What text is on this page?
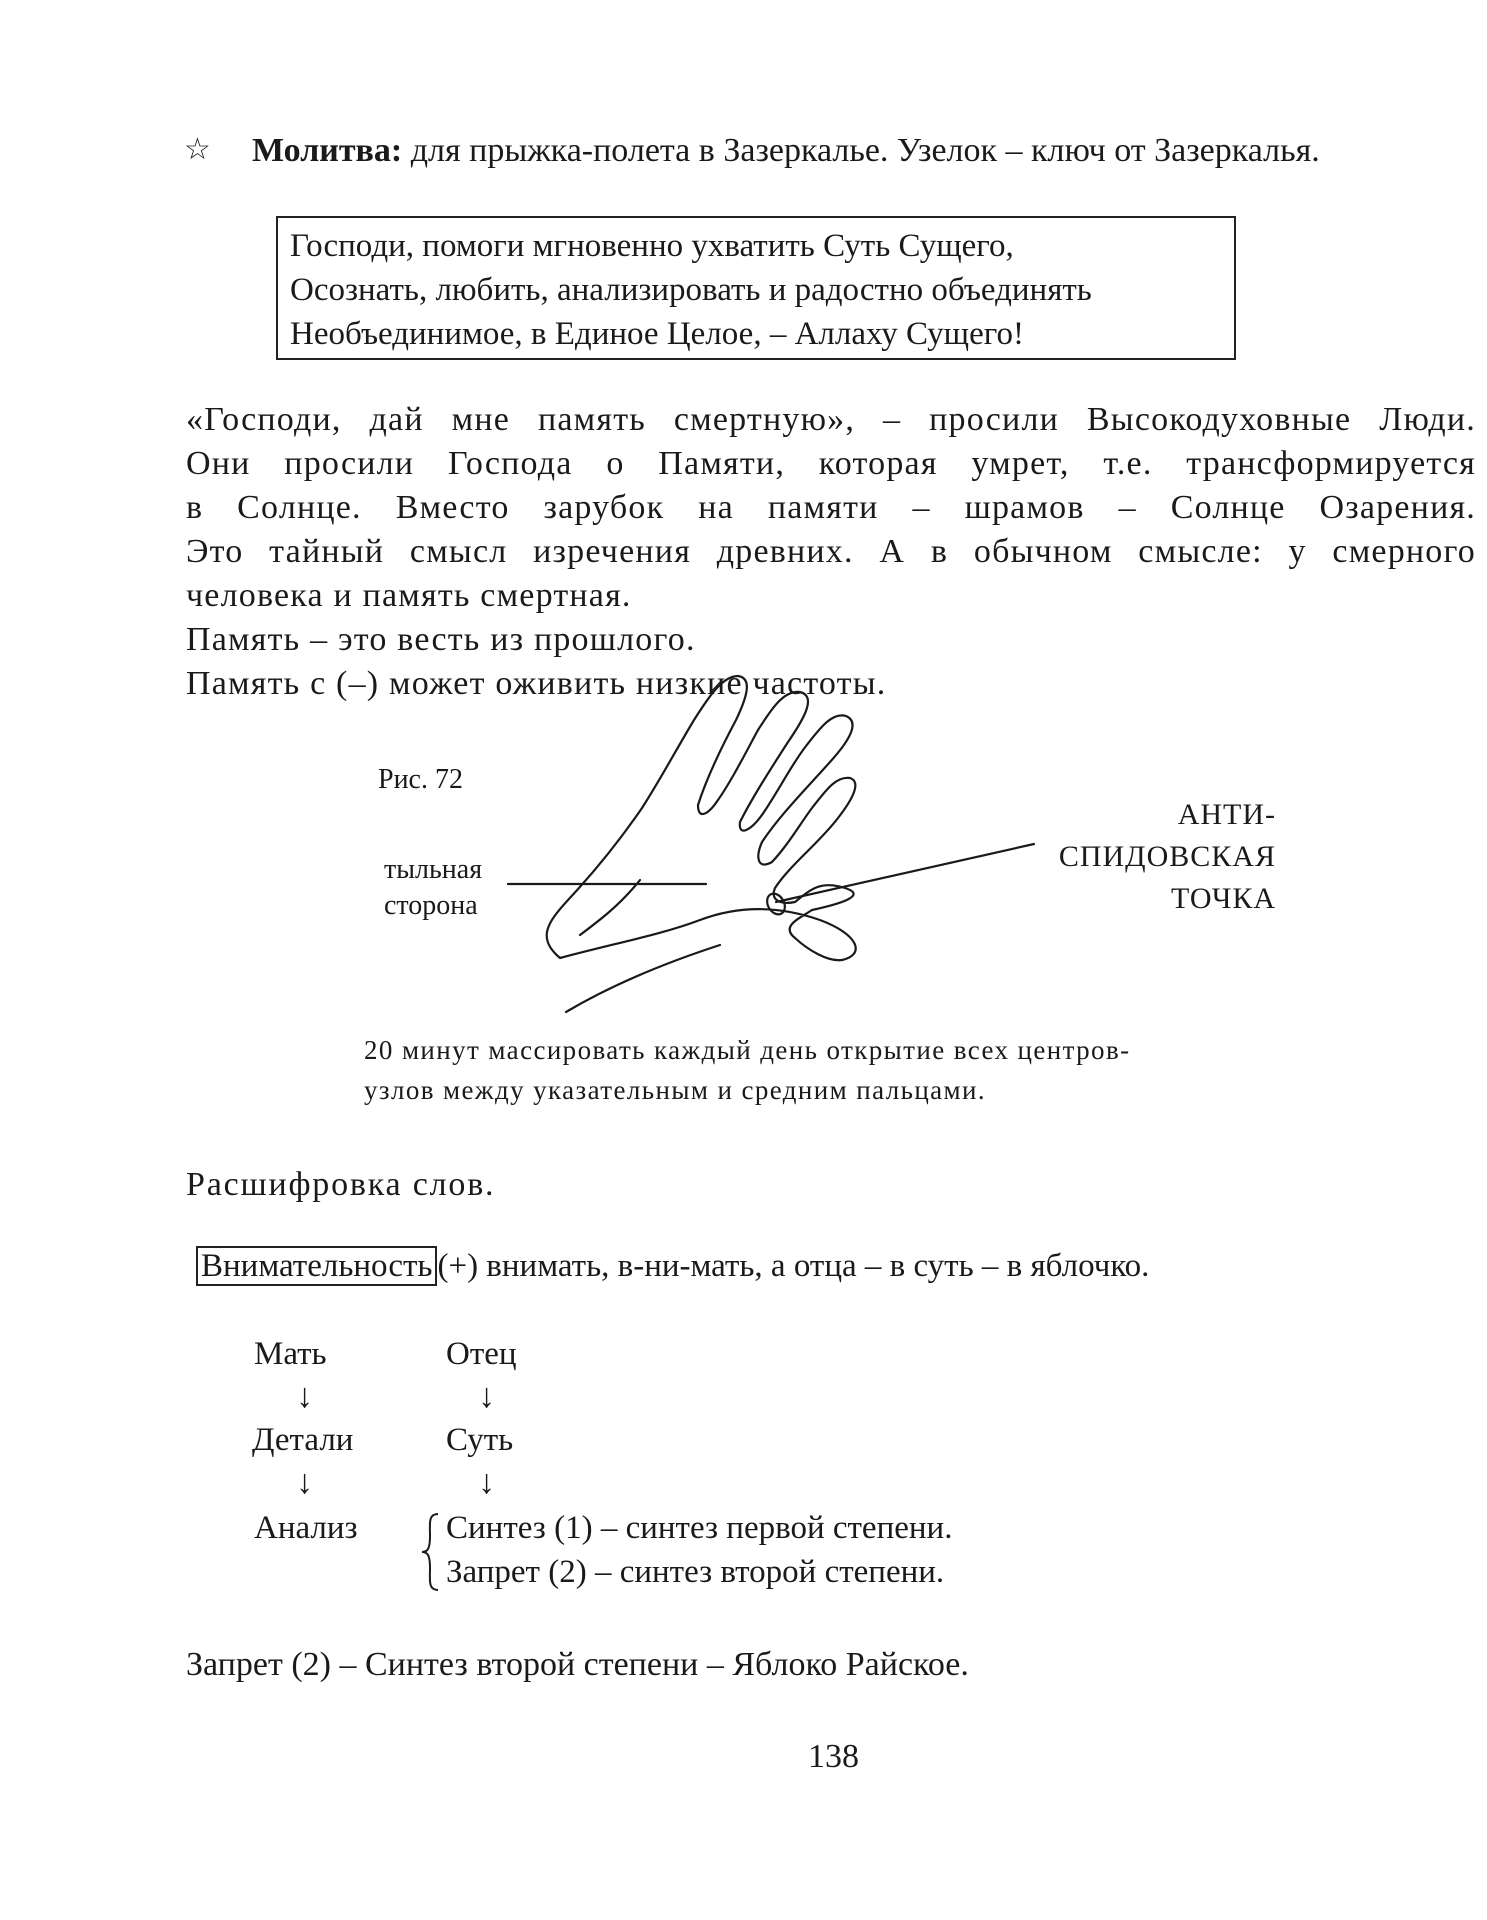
☆ Молитва: для прыжка-полета в Зазеркалье. Узелок – ключ от Зазеркалья.
Господи, помоги мгновенно ухватить Суть Сущего,
Осознать, любить, анализировать и радостно объединять
Необъединимое, в Единое Целое, – Аллаху Сущего!
«Господи, дай мне память смертную», – просили Высокодуховные Люди.
Они просили Господа о Памяти, которая умрет, т.е. трансформируется
в Солнце. Вместо зарубок на памяти – шрамов – Солнце Озарения.
Это тайный смысл изречения древних. А в обычном смысле: у смерного
человека и память смертная.
Память – это весть из прошлого.
Память с (–) может оживить низкие частоты.
Рис. 72
тыльная
сторона
АНТИ-
СПИДОВСКАЯ
ТОЧКА
20 минут массировать каждый день открытие всех центров-
узлов между указательным и средним пальцами.
Расшифровка слов.
Внимательность (+) внимать, в-ни-мать, а отца – в суть – в яблочко.
Мать	Отец
↓	↓
Детали	Суть
↓	↓
Анализ	Синтез (1) – синтез первой степени.
Запрет (2) – синтез второй степени.
Запрет (2) – Синтез второй степени – Яблоко Райское.
138
